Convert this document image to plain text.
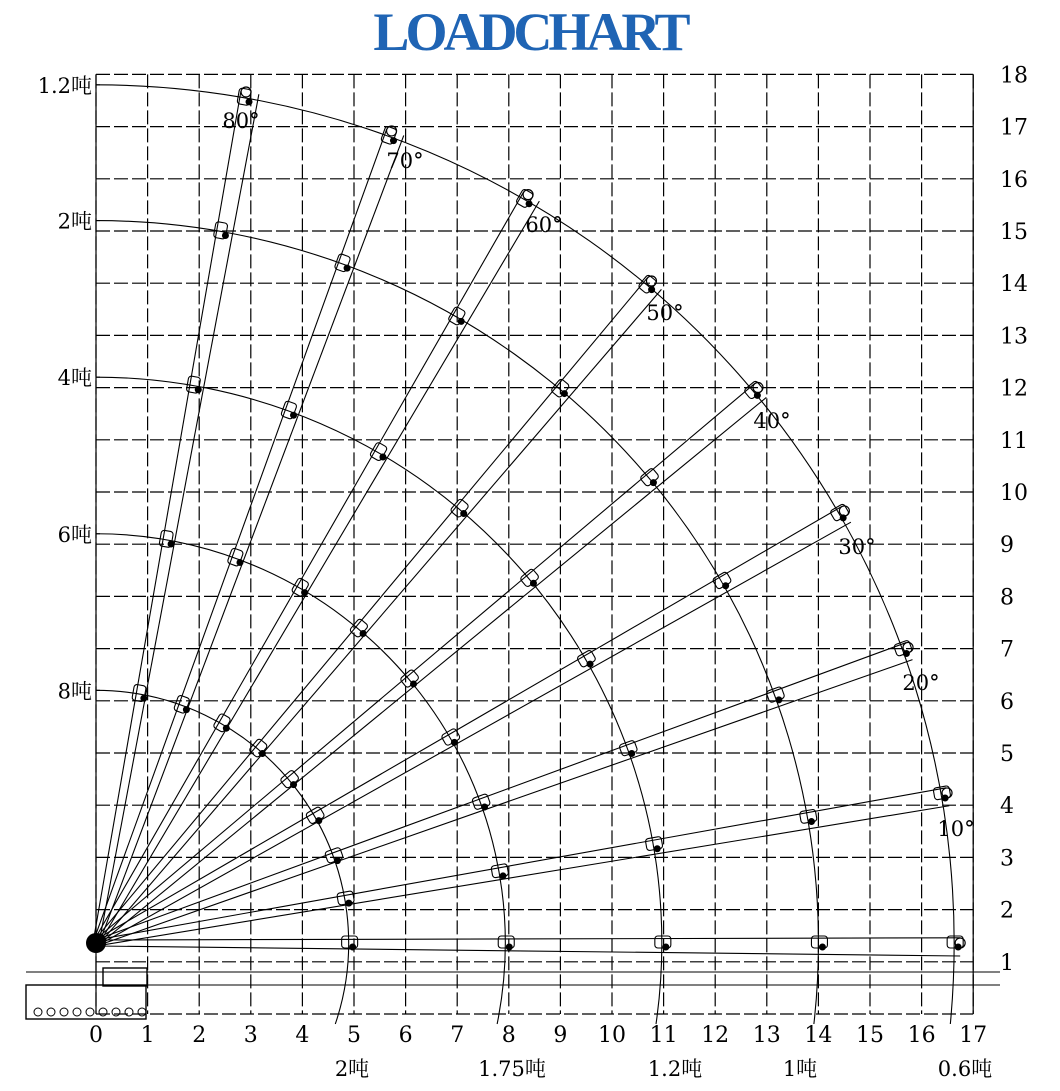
LOADCHART
0 1 2 3 4 5 6 7 8 9 10 11 12 13 14 15 16 17
1
2
3
4
5
6
7
8
9
10
11
12
13
14
15
16
17
18
1.2吨
2吨
4吨
6吨
8吨
2吨	1.75吨	1.2吨	1吨	0.6吨
80°
70°
60°
50°
40°
30°
20°
10°
